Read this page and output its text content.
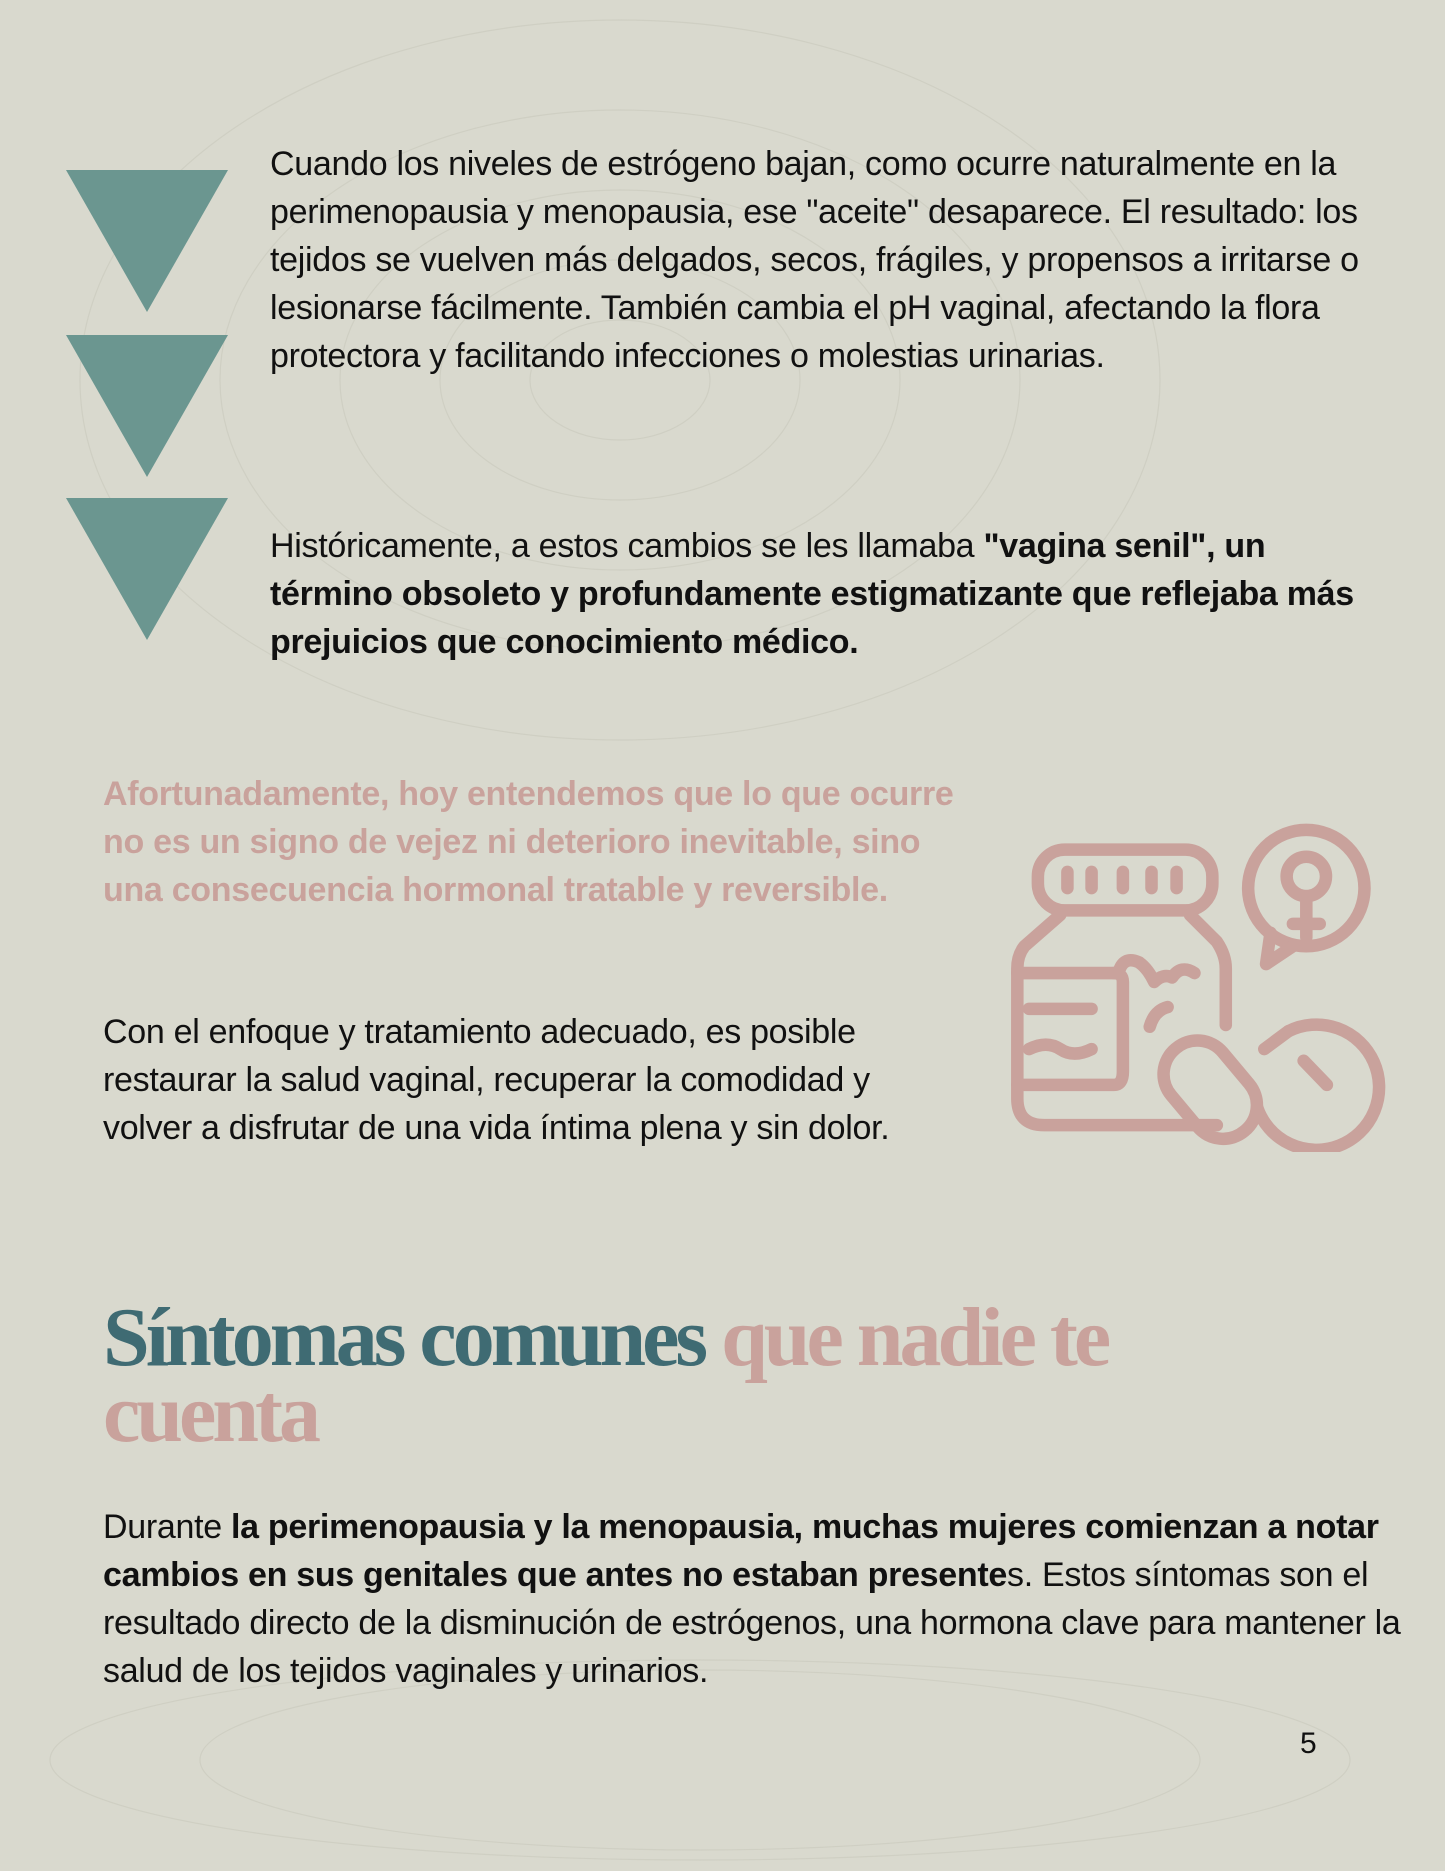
Cuando los niveles de estrógeno bajan, como ocurre naturalmente en la perimenopausia y menopausia, ese "aceite" desaparece. El resultado: los tejidos se vuelven más delgados, secos, frágiles, y propensos a irritarse o lesionarse fácilmente. También cambia el pH vaginal, afectando la flora protectora y facilitando infecciones o molestias urinarias.

Históricamente, a estos cambios se les llamaba "vagina senil", un término obsoleto y profundamente estigmatizante que reflejaba más prejuicios que conocimiento médico.

Afortunadamente, hoy entendemos que lo que ocurre no es un signo de vejez ni deterioro inevitable, sino una consecuencia hormonal tratable y reversible.

Con el enfoque y tratamiento adecuado, es posible restaurar la salud vaginal, recuperar la comodidad y volver a disfrutar de una vida íntima plena y sin dolor.

Síntomas comunes que nadie te cuenta

Durante la perimenopausia y la menopausia, muchas mujeres comienzan a notar cambios en sus genitales que antes no estaban presentes. Estos síntomas son el resultado directo de la disminución de estrógenos, una hormona clave para mantener la salud de los tejidos vaginales y urinarios.

5
